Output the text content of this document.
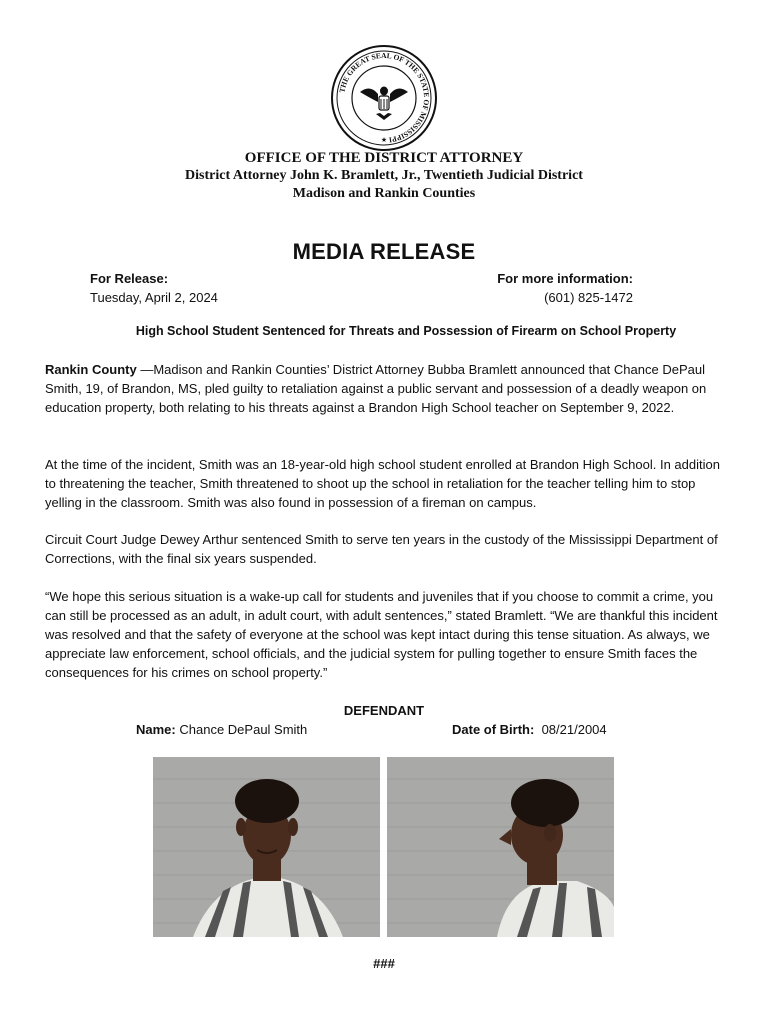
THE GREAT SEAL OF THE STATE OF MISSISSIPPI
★
OFFICE OF THE DISTRICT ATTORNEY
District Attorney John K. Bramlett, Jr., Twentieth Judicial District
Madison and Rankin Counties
MEDIA RELEASE
For Release:
Tuesday, April 2, 2024
For more information:
(601) 825-1472
High School Student Sentenced for Threats and Possession of Firearm on School Property
Rankin County —Madison and Rankin Counties’ District Attorney Bubba Bramlett announced that Chance DePaul Smith, 19, of Brandon, MS, pled guilty to retaliation against a public servant and possession of a deadly weapon on education property, both relating to his threats against a Brandon High School teacher on September 9, 2022.
At the time of the incident, Smith was an 18-year-old high school student enrolled at Brandon High School. In addition to threatening the teacher, Smith threatened to shoot up the school in retaliation for the teacher telling him to stop yelling in the classroom. Smith was also found in possession of a fireman on campus.
Circuit Court Judge Dewey Arthur sentenced Smith to serve ten years in the custody of the Mississippi Department of Corrections, with the final six years suspended.
“We hope this serious situation is a wake-up call for students and juveniles that if you choose to commit a crime, you can still be processed as an adult, in adult court, with adult sentences,” stated Bramlett. “We are thankful this incident was resolved and that the safety of everyone at the school was kept intact during this tense situation. As always, we appreciate law enforcement, school officials, and the judicial system for pulling together to ensure Smith faces the consequences for his crimes on school property.”
DEFENDANT
Name: Chance DePaul Smith	Date of Birth: 08/21/2004
###
